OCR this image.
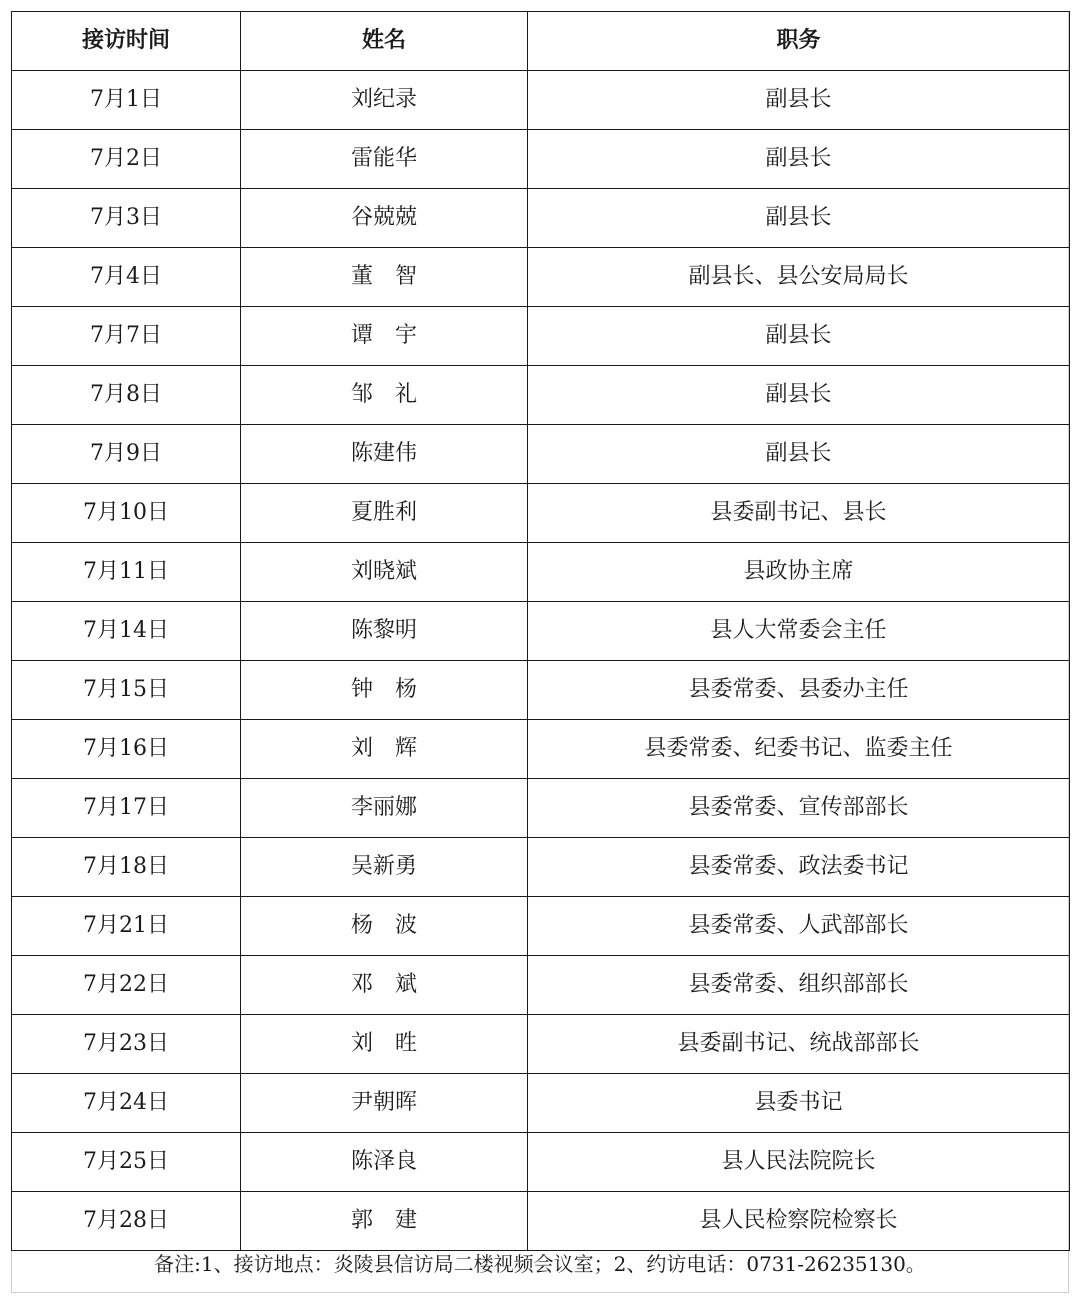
接访时间	姓名	职务
7月1日	刘纪录	副县长
7月2日	雷能华	副县长
7月3日	谷兢兢	副县长
7月4日	董　智	副县长、县公安局局长
7月7日	谭　宇	副县长
7月8日	邹　礼	副县长
7月9日	陈建伟	副县长
7月10日	夏胜利	县委副书记、县长
7月11日	刘晓斌	县政协主席
7月14日	陈黎明	县人大常委会主任
7月15日	钟　杨	县委常委、县委办主任
7月16日	刘　辉	县委常委、纪委书记、监委主任
7月17日	李丽娜	县委常委、宣传部部长
7月18日	吴新勇	县委常委、政法委书记
7月21日	杨　波	县委常委、人武部部长
7月22日	邓　斌	县委常委、组织部部长
7月23日	刘　甠	县委副书记、统战部部长
7月24日	尹朝晖	县委书记
7月25日	陈泽良	县人民法院院长
7月28日	郭　建	县人民检察院检察长
备注:1、接访地点：炎陵县信访局二楼视频会议室；2、约访电话：0731-26235130。
